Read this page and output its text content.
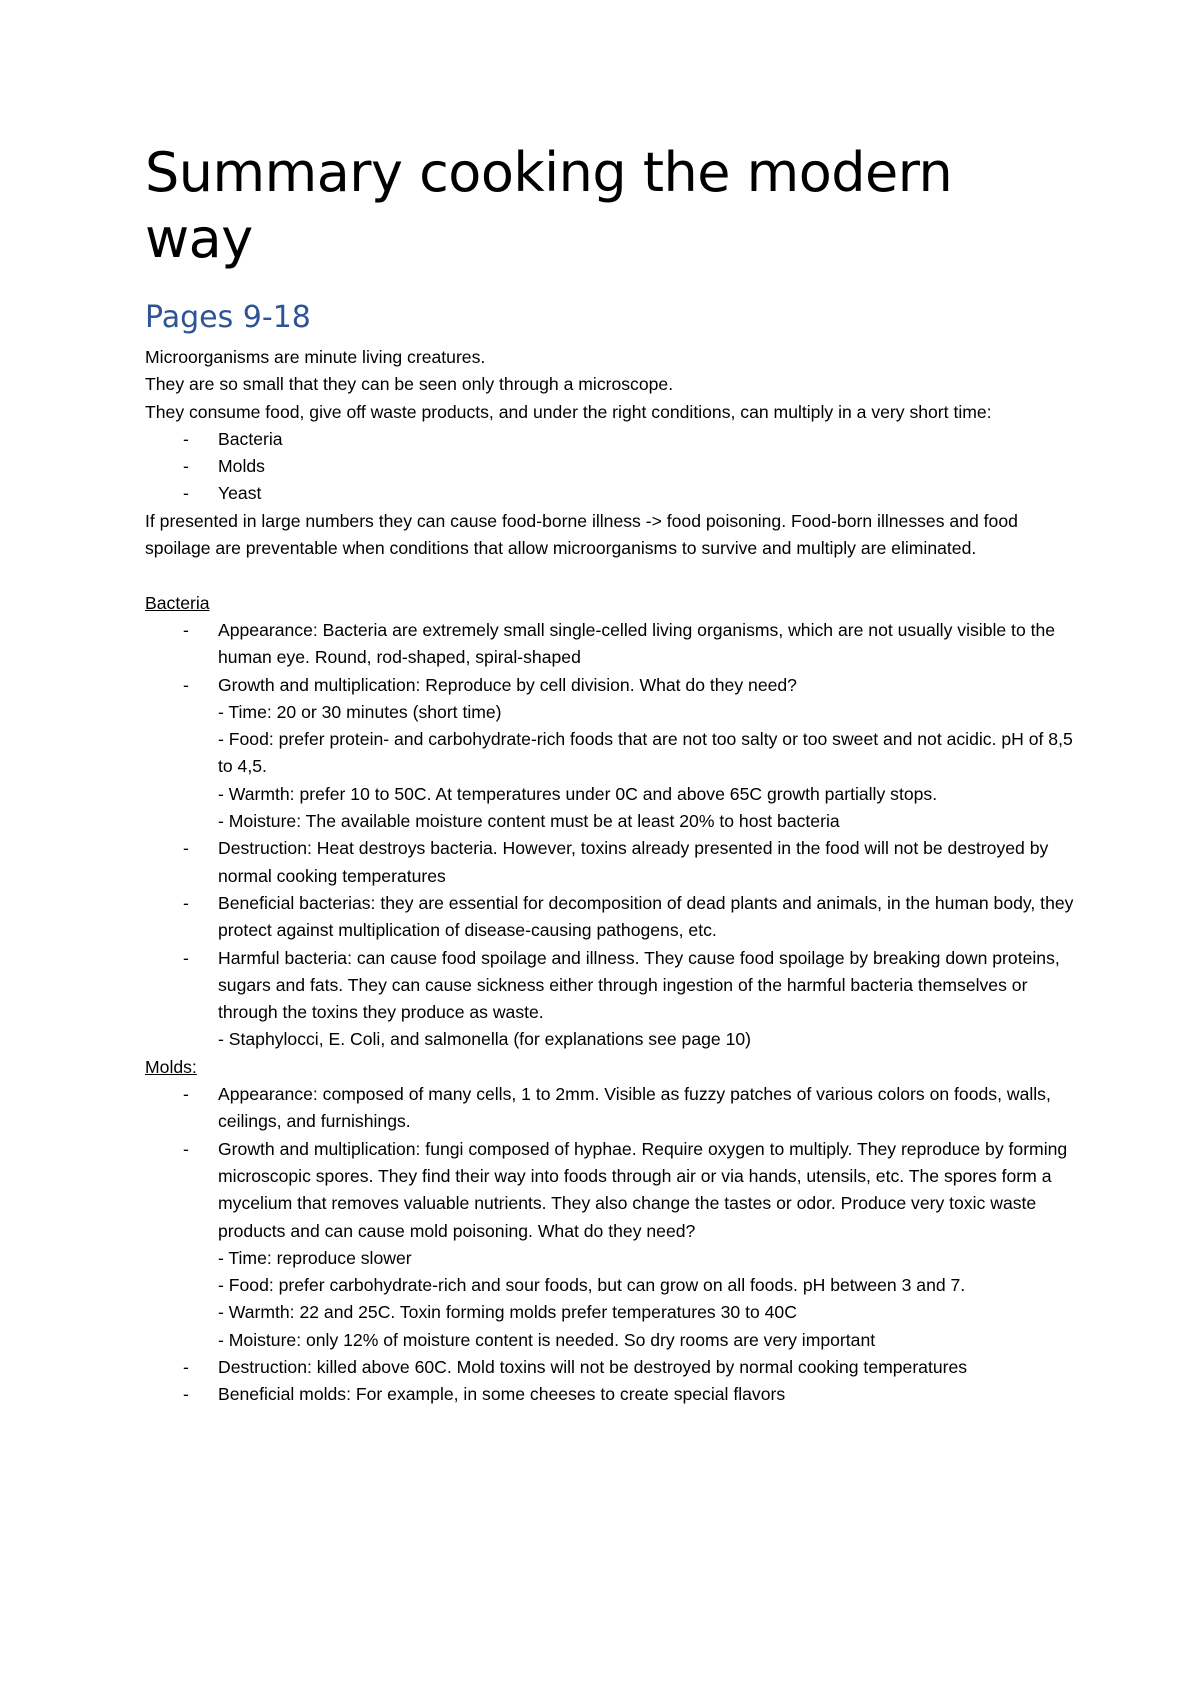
Summary cooking the modern way
Pages 9-18

Microorganisms are minute living creatures.

They are so small that they can be seen only through a microscope.

They consume food, give off waste products, and under the right conditions, can multiply in a very short time:

- Bacteria
- Molds
- Yeast

If presented in large numbers they can cause food-borne illness -> food poisoning. Food-born illnesses and food spoilage are preventable when conditions that allow microorganisms to survive and multiply are eliminated.

Bacteria

- Appearance: Bacteria are extremely small single-celled living organisms, which are not usually visible to the human eye. Round, rod-shaped, spiral-shaped
- Growth and multiplication: Reproduce by cell division. What do they need?
- Time: 20 or 30 minutes (short time)
- Food: prefer protein- and carbohydrate-rich foods that are not too salty or too sweet and not acidic. pH of 8,5 to 4,5.
- Warmth: prefer 10 to 50C. At temperatures under 0C and above 65C growth partially stops.
- Moisture: The available moisture content must be at least 20% to host bacteria
- Destruction: Heat destroys bacteria. However, toxins already presented in the food will not be destroyed by normal cooking temperatures
- Beneficial bacterias: they are essential for decomposition of dead plants and animals, in the human body, they protect against multiplication of disease-causing pathogens, etc.
- Harmful bacteria: can cause food spoilage and illness. They cause food spoilage by breaking down proteins, sugars and fats. They can cause sickness either through ingestion of the harmful bacteria themselves or through the toxins they produce as waste.
- Staphylocci, E. Coli, and salmonella (for explanations see page 10)

Molds:

- Appearance: composed of many cells, 1 to 2mm. Visible as fuzzy patches of various colors on foods, walls, ceilings, and furnishings.
- Growth and multiplication: fungi composed of hyphae. Require oxygen to multiply. They reproduce by forming microscopic spores. They find their way into foods through air or via hands, utensils, etc. The spores form a mycelium that removes valuable nutrients. They also change the tastes or odor. Produce very toxic waste products and can cause mold poisoning. What do they need?
- Time: reproduce slower
- Food: prefer carbohydrate-rich and sour foods, but can grow on all foods. pH between 3 and 7.
- Warmth: 22 and 25C. Toxin forming molds prefer temperatures 30 to 40C
- Moisture: only 12% of moisture content is needed. So dry rooms are very important
- Destruction: killed above 60C. Mold toxins will not be destroyed by normal cooking temperatures
- Beneficial molds: For example, in some cheeses to create special flavors
